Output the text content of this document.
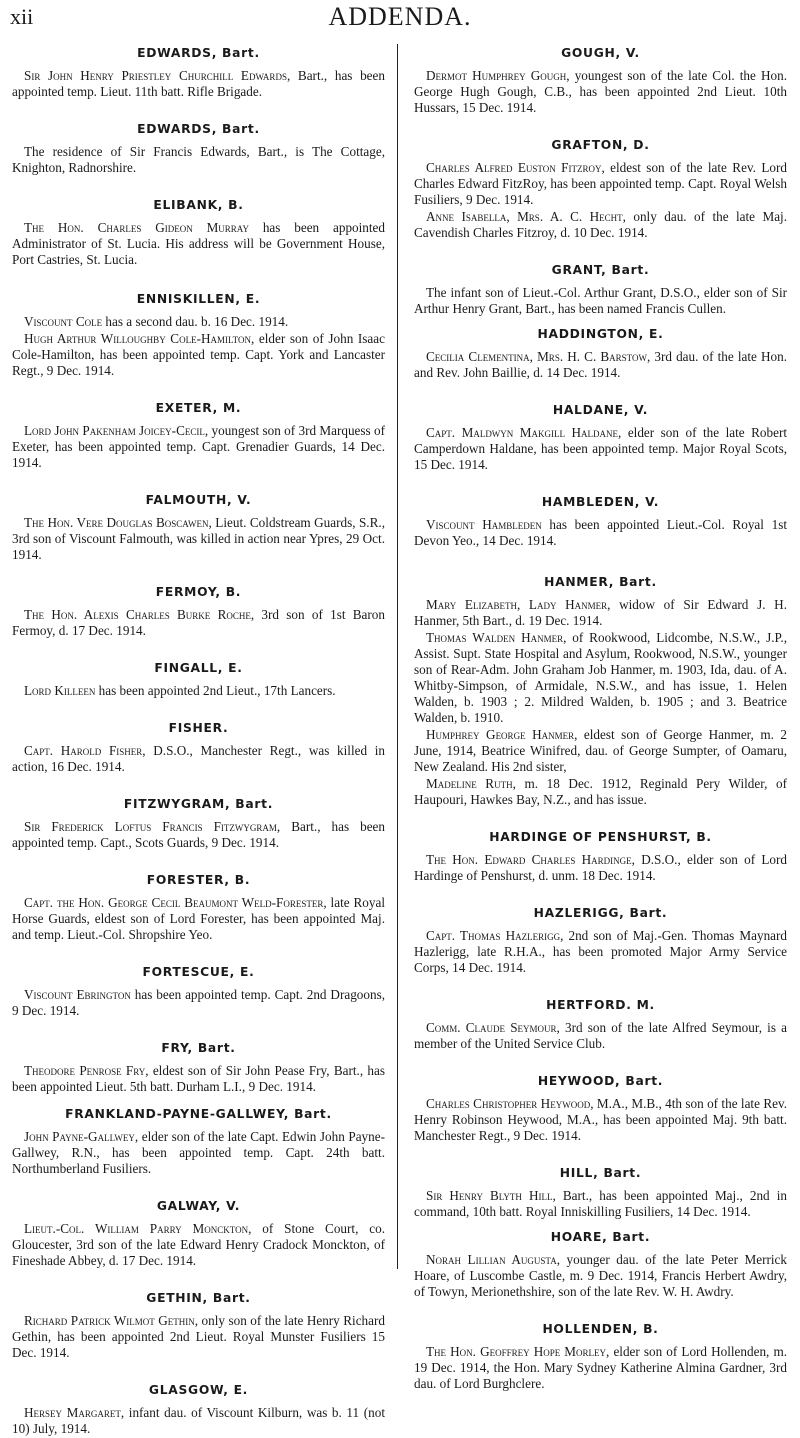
xii	ADDENDA.
EDWARDS, Bart.

Sir John Henry Priestley Churchill Edwards, Bart., has been appointed temp. Lieut. 11th batt. Rifle Brigade.

EDWARDS, Bart.

The residence of Sir Francis Edwards, Bart., is The Cottage, Knighton, Radnorshire.

ELIBANK, B.

The Hon. Charles Gideon Murray has been appointed Administrator of St. Lucia. His address will be Government House, Port Castries, St. Lucia.

ENNISKILLEN, E.

Viscount Cole has a second dau. b. 16 Dec. 1914.

Hugh Arthur Willoughby Cole-Hamilton, elder son of John Isaac Cole-Hamilton, has been appointed temp. Capt. York and Lancaster Regt., 9 Dec. 1914.

EXETER, M.

Lord John Pakenham Joicey-Cecil, youngest son of 3rd Marquess of Exeter, has been appointed temp. Capt. Grenadier Guards, 14 Dec. 1914.

FALMOUTH, V.

The Hon. Vere Douglas Boscawen, Lieut. Coldstream Guards, S.R., 3rd son of Viscount Falmouth, was killed in action near Ypres, 29 Oct. 1914.

FERMOY, B.

The Hon. Alexis Charles Burke Roche, 3rd son of 1st Baron Fermoy, d. 17 Dec. 1914.

FINGALL, E.

Lord Killeen has been appointed 2nd Lieut., 17th Lancers.

FISHER.

Capt. Harold Fisher, D.S.O., Manchester Regt., was killed in action, 16 Dec. 1914.

FITZWYGRAM, Bart.

Sir Frederick Loftus Francis Fitzwygram, Bart., has been appointed temp. Capt., Scots Guards, 9 Dec. 1914.

FORESTER, B.

Capt. the Hon. George Cecil Beaumont Weld-Forester, late Royal Horse Guards, eldest son of Lord Forester, has been appointed Maj. and temp. Lieut.-Col. Shropshire Yeo.

FORTESCUE, E.

Viscount Ebrington has been appointed temp. Capt. 2nd Dragoons, 9 Dec. 1914.

FRY, Bart.

Theodore Penrose Fry, eldest son of Sir John Pease Fry, Bart., has been appointed Lieut. 5th batt. Durham L.I., 9 Dec. 1914.

FRANKLAND-PAYNE-GALLWEY, Bart.

John Payne-Gallwey, elder son of the late Capt. Edwin John Payne-Gallwey, R.N., has been appointed temp. Capt. 24th batt. Northumberland Fusiliers.

GALWAY, V.

Lieut.-Col. William Parry Monckton, of Stone Court, co. Gloucester, 3rd son of the late Edward Henry Cradock Monckton, of Fineshade Abbey, d. 17 Dec. 1914.

GETHIN, Bart.

Richard Patrick Wilmot Gethin, only son of the late Henry Richard Gethin, has been appointed 2nd Lieut. Royal Munster Fusiliers 15 Dec. 1914.

GLASGOW, E.

Hersey Margaret, infant dau. of Viscount Kilburn, was b. 11 (not 10) July, 1914.

GOUGH, V.

Dermot Humphrey Gough, youngest son of the late Col. the Hon. George Hugh Gough, C.B., has been appointed 2nd Lieut. 10th Hussars, 15 Dec. 1914.

GRAFTON, D.

Charles Alfred Euston Fitzroy, eldest son of the late Rev. Lord Charles Edward FitzRoy, has been appointed temp. Capt. Royal Welsh Fusiliers, 9 Dec. 1914.

Anne Isabella, Mrs. A. C. Hecht, only dau. of the late Maj. Cavendish Charles Fitzroy, d. 10 Dec. 1914.

GRANT, Bart.

The infant son of Lieut.-Col. Arthur Grant, D.S.O., elder son of Sir Arthur Henry Grant, Bart., has been named Francis Cullen.

HADDINGTON, E.

Cecilia Clementina, Mrs. H. C. Barstow, 3rd dau. of the late Hon. and Rev. John Baillie, d. 14 Dec. 1914.

HALDANE, V.

Capt. Maldwyn Makgill Haldane, elder son of the late Robert Camperdown Haldane, has been appointed temp. Major Royal Scots, 15 Dec. 1914.

HAMBLEDEN, V.

Viscount Hambleden has been appointed Lieut.-Col. Royal 1st Devon Yeo., 14 Dec. 1914.

HANMER, Bart.

Mary Elizabeth, Lady Hanmer, widow of Sir Edward J. H. Hanmer, 5th Bart., d. 19 Dec. 1914.

Thomas Walden Hanmer, of Rookwood, Lidcombe, N.S.W., J.P., Assist. Supt. State Hospital and Asylum, Rookwood, N.S.W., younger son of Rear-Adm. John Graham Job Hanmer, m. 1903, Ida, dau. of A. Whitby-Simpson, of Armidale, N.S.W., and has issue, 1. Helen Walden, b. 1903 ; 2. Mildred Walden, b. 1905 ; and 3. Beatrice Walden, b. 1910.

Humphrey George Hanmer, eldest son of George Hanmer, m. 2 June, 1914, Beatrice Winifred, dau. of George Sumpter, of Oamaru, New Zealand. His 2nd sister,

Madeline Ruth, m. 18 Dec. 1912, Reginald Pery Wilder, of Haupouri, Hawkes Bay, N.Z., and has issue.

HARDINGE OF PENSHURST, B.

The Hon. Edward Charles Hardinge, D.S.O., elder son of Lord Hardinge of Penshurst, d. unm. 18 Dec. 1914.

HAZLERIGG, Bart.

Capt. Thomas Hazlerigg, 2nd son of Maj.-Gen. Thomas Maynard Hazlerigg, late R.H.A., has been promoted Major Army Service Corps, 14 Dec. 1914.

HERTFORD. M.

Comm. Claude Seymour, 3rd son of the late Alfred Seymour, is a member of the United Service Club.

HEYWOOD, Bart.

Charles Christopher Heywood, M.A., M.B., 4th son of the late Rev. Henry Robinson Heywood, M.A., has been appointed Maj. 9th batt. Manchester Regt., 9 Dec. 1914.

HILL, Bart.

Sir Henry Blyth Hill, Bart., has been appointed Maj., 2nd in command, 10th batt. Royal Inniskilling Fusiliers, 14 Dec. 1914.

HOARE, Bart.

Norah Lillian Augusta, younger dau. of the late Peter Merrick Hoare, of Luscombe Castle, m. 9 Dec. 1914, Francis Herbert Awdry, of Towyn, Merionethshire, son of the late Rev. W. H. Awdry.

HOLLENDEN, B.

The Hon. Geoffrey Hope Morley, elder son of Lord Hollenden, m. 19 Dec. 1914, the Hon. Mary Sydney Katherine Almina Gardner, 3rd dau. of Lord Burghclere.
